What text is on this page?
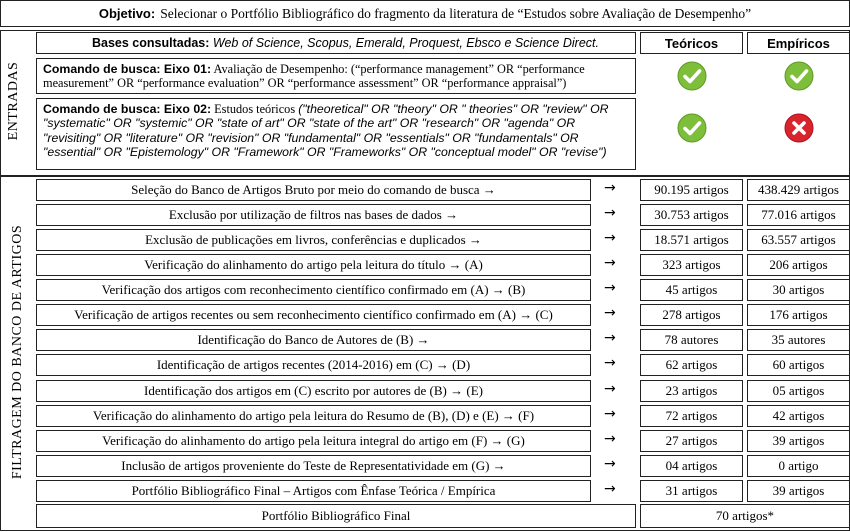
Objetivo: Selecionar o Portfólio Bibliográfico do fragmento da literatura de “Estudos sobre Avaliação de Desempenho”
ENTRADAS
Bases consultadas: Web of Science, Scopus, Emerald, Proquest, Ebsco e Science Direct.	Teóricos	Empíricos
Comando de busca: Eixo 01: Avaliação de Desempenho: (“performance management” OR “performance measurement” OR “performance evaluation” OR “performance assessment” OR “performance appraisal”)
Comando de busca: Eixo 02: Estudos teóricos ("theoretical" OR "theory" OR " theories" OR "review" OR "systematic" OR "systemic" OR "state of art" OR "state of the art" OR "research" OR "agenda" OR "revisiting" OR "literature" OR "revision" OR "fundamental" OR "essentials" OR "fundamentals" OR "essential" OR "Epistemology" OR "Framework" OR "Frameworks" OR "conceptual model" OR "revise")
FILTRAGEM DO BANCO DE ARTIGOS
Seleção do Banco de Artigos Bruto por meio do comando de busca →	→	90.195 artigos 438.429 artigos
Exclusão por utilização de filtros nas bases de dados →	→	30.753 artigos	77.016 artigos
Exclusão de publicações em livros, conferências e duplicados →	→	18.571 artigos	63.557 artigos
Verificação do alinhamento do artigo pela leitura do título → (A)	→	323 artigos	206 artigos
Verificação dos artigos com reconhecimento científico confirmado em (A) → (B)	→	45 artigos	30 artigos
Verificação de artigos recentes ou sem reconhecimento científico confirmado em (A) → (C)	→	278 artigos	176 artigos
Identificação do Banco de Autores de (B) →	→	78 autores	35 autores
Identificação de artigos recentes (2014-2016) em (C) → (D)	→	62 artigos	60 artigos
Identificação dos artigos em (C) escrito por autores de (B) → (E)	→	23 artigos	05 artigos
Verificação do alinhamento do artigo pela leitura do Resumo de (B), (D) e (E) → (F)	→	72 artigos	42 artigos
Verificação do alinhamento do artigo pela leitura integral do artigo em (F) → (G)	→	27 artigos	39 artigos
Inclusão de artigos proveniente do Teste de Representatividade em (G) →	→	04 artigos	0 artigo
Portfólio Bibliográfico Final – Artigos com Ênfase Teórica / Empírica	→	31 artigos	39 artigos
Portfólio Bibliográfico Final	70 artigos*
